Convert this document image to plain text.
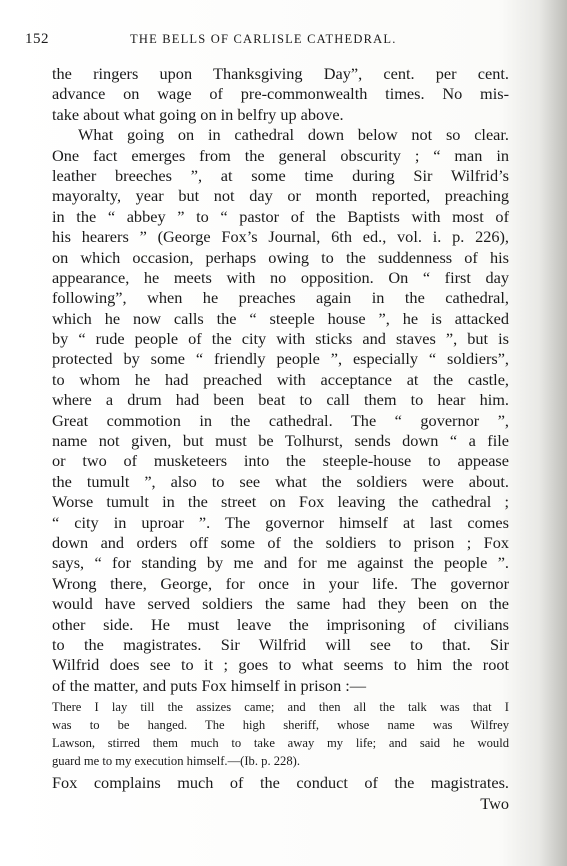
152	THE BELLS OF CARLISLE CATHEDRAL.
the ringers upon Thanksgiving Day”, cent. per cent.
advance on wage of pre-commonwealth times. No mis-
take about what going on in belfry up above.
What going on in cathedral down below not so clear.
One fact emerges from the general obscurity ; “ man in
leather breeches ”, at some time during Sir Wilfrid’s
mayoralty, year but not day or month reported, preaching
in the “ abbey ” to “ pastor of the Baptists with most of
his hearers ” (George Fox’s Journal, 6th ed., vol. i. p. 226),
on which occasion, perhaps owing to the suddenness of his
appearance, he meets with no opposition. On “ first day
following”, when he preaches again in the cathedral,
which he now calls the “ steeple house ”, he is attacked
by “ rude people of the city with sticks and staves ”, but is
protected by some “ friendly people ”, especially “ soldiers”,
to whom he had preached with acceptance at the castle,
where a drum had been beat to call them to hear him.
Great commotion in the cathedral. The “ governor ”,
name not given, but must be Tolhurst, sends down “ a file
or two of musketeers into the steeple-house to appease
the tumult ”, also to see what the soldiers were about.
Worse tumult in the street on Fox leaving the cathedral ;
“ city in uproar ”. The governor himself at last comes
down and orders off some of the soldiers to prison ; Fox
says, “ for standing by me and for me against the people ”.
Wrong there, George, for once in your life. The governor
would have served soldiers the same had they been on the
other side. He must leave the imprisoning of civilians
to the magistrates. Sir Wilfrid will see to that. Sir
Wilfrid does see to it ; goes to what seems to him the root
of the matter, and puts Fox himself in prison :—
There I lay till the assizes came; and then all the talk was that I
was to be hanged. The high sheriff, whose name was Wilfrey
Lawson, stirred them much to take away my life; and said he would
guard me to my execution himself.—(Ib. p. 228).
Fox complains much of the conduct of the magistrates.
Two
